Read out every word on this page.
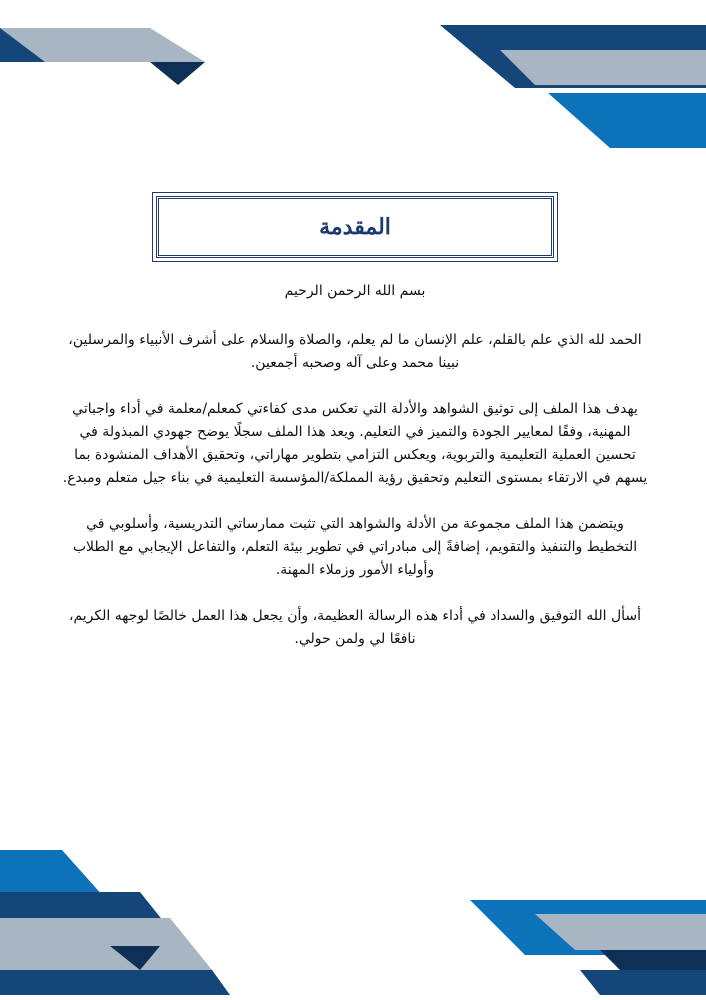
المقدمة

بسم الله الرحمن الرحيم

الحمد لله الذي علم بالقلم، علم الإنسان ما لم يعلم، والصلاة والسلام على أشرف الأنبياء والمرسلين، نبينا محمد وعلى آله وصحبه أجمعين.

يهدف هذا الملف إلى توثيق الشواهد والأدلة التي تعكس مدى كفاءتي كمعلم/معلمة في أداء واجباتي المهنية، وفقًا لمعايير الجودة والتميز في التعليم. ويعد هذا الملف سجلًا يوضح جهودي المبذولة في تحسين العملية التعليمية والتربوية، ويعكس التزامي بتطوير مهاراتي، وتحقيق الأهداف المنشودة بما يسهم في الارتقاء بمستوى التعليم وتحقيق رؤية المملكة/المؤسسة التعليمية في بناء جيل متعلم ومبدع.

ويتضمن هذا الملف مجموعة من الأدلة والشواهد التي تثبت ممارساتي التدريسية، وأسلوبي في التخطيط والتنفيذ والتقويم، إضافةً إلى مبادراتي في تطوير بيئة التعلم، والتفاعل الإيجابي مع الطلاب وأولياء الأمور وزملاء المهنة.

أسأل الله التوفيق والسداد في أداء هذه الرسالة العظيمة، وأن يجعل هذا العمل خالصًا لوجهه الكريم، نافعًا لي ولمن حولي.
